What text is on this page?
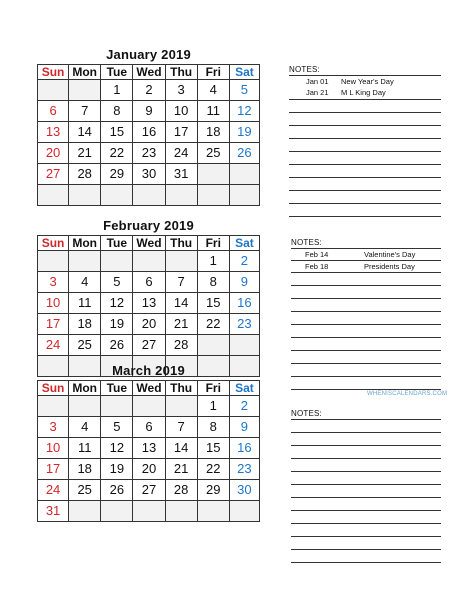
January 2019
Sun	Mon	Tue	Wed	Thu	Fri	Sat
		1	2	3	4	5
6	7	8	9	10	11	12
13	14	15	16	17	18	19
20	21	22	23	24	25	26
27	28	29	30	31		

NOTES:
Jan 01 New Year's Day
Jan 21 M L King Day
February 2019
Sun	Mon	Tue	Wed	Thu	Fri	Sat
					1	2
3	4	5	6	7	8	9
10	11	12	13	14	15	16
17	18	19	20	21	22	23
24	25	26	27	28		

NOTES:
Feb 14	Valentine's Day
Feb 18	Presidents Day
WHENISCALENDARS.COM
March 2019
Sun	Mon	Tue	Wed	Thu	Fri	Sat
					1	2
3	4	5	6	7	8	9
10	11	12	13	14	15	16
17	18	19	20	21	22	23
24	25	26	27	28	29	30
31						
NOTES:
